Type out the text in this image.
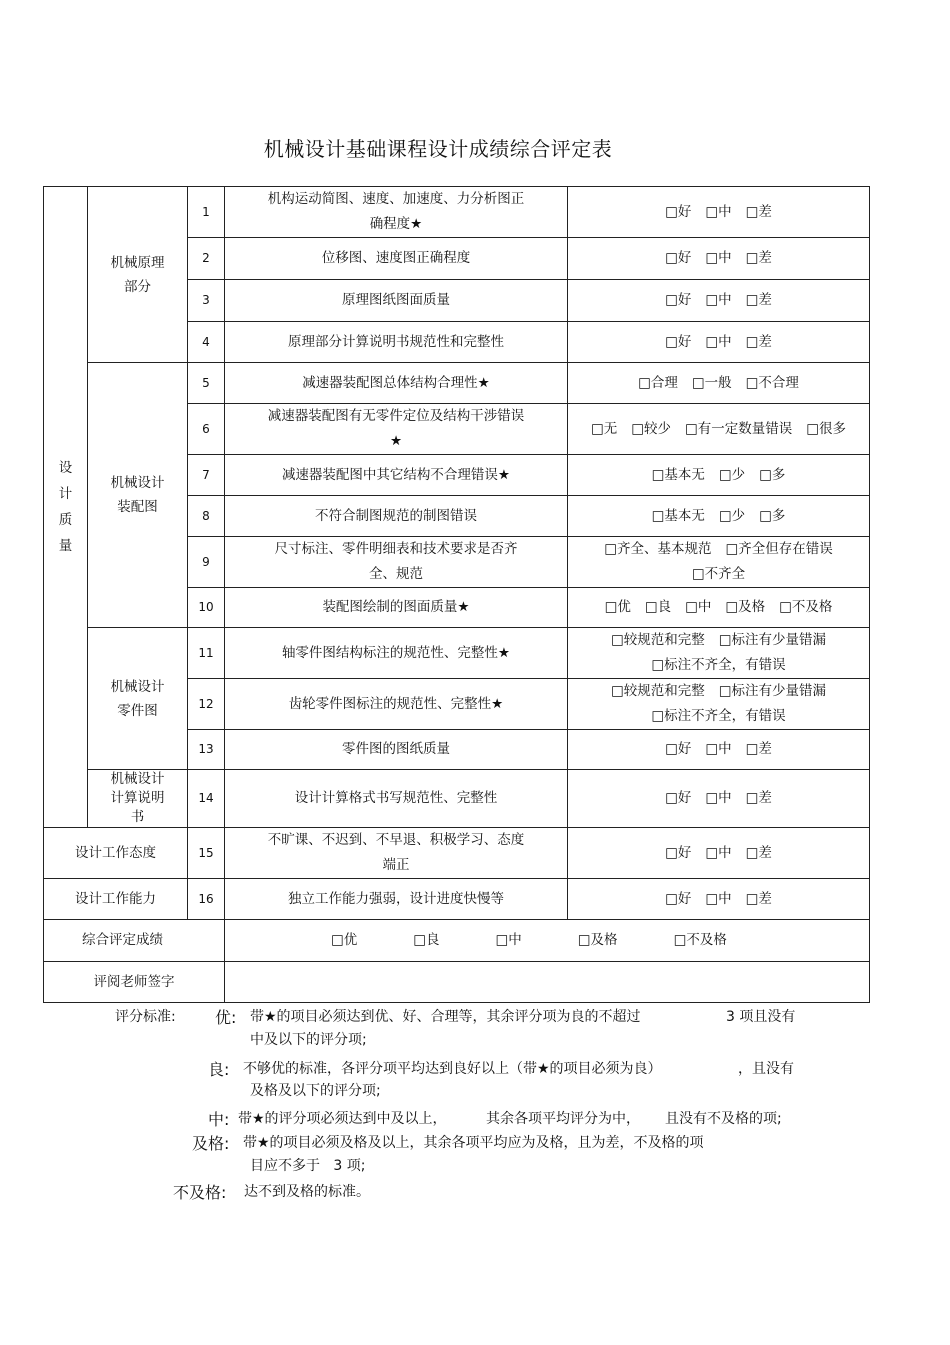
机械设计基础课程设计成绩综合评定表
设
计
质
量	机械原理
部分	1	机构运动简图、速度、加速度、力分析图正确程度★	□好 □中 □差
		2	位移图、速度图正确程度	□好 □中 □差
		3	原理图纸图面质量	□好 □中 □差
		4	原理部分计算说明书规范性和完整性	□好 □中 □差
	机械设计
装配图	5	减速器装配图总体结构合理性★	□合理 □一般 □不合理
		6	减速器装配图有无零件定位及结构干涉错误★	□无 □较少 □有一定数量错误 □很多
		7	减速器装配图中其它结构不合理错误★	□基本无 □少 □多
		8	不符合制图规范的制图错误	□基本无 □少 □多
		9	尺寸标注、零件明细表和技术要求是否齐全、规范	□齐全、基本规范 □齐全但存在错误□不齐全
		10	装配图绘制的图面质量★	□优 □良 □中 □及格 □不及格
	机械设计
零件图	11	轴零件图结构标注的规范性、完整性★	□较规范和完整 □标注有少量错漏□标注不齐全，有错误
		12	齿轮零件图标注的规范性、完整性★	□较规范和完整 □标注有少量错漏□标注不齐全，有错误
		13	零件图的图纸质量	□好 □中 □差
	机械设计
计算说明
书	14	设计计算格式书写规范性、完整性	□好 □中 □差
设计工作态度		15	不旷课、不迟到、不早退、积极学习、态度端正	□好 □中 □差
设计工作能力		16	独立工作能力强弱，设计进度快慢等	□好 □中 □差
综合评定成绩			□优 □良 □中 □及格 □不及格	
评阅老师签字				
评分标准: 优: 带★的项目必须达到优、好、合理等，其余评分项为良的不超过	3 项且没有
中及以下的评分项;
良: 不够优的标准，各评分项平均达到良好以上（带★的项目必须为良）	，且没有
及格及以下的评分项;
中: 带★的评分项必须达到中及以上，	其余各项平均评分为中， 且没有不及格的项;
及格: 带★的项目必须及格及以上，其余各项平均应为及格，且为差，不及格的项
目应不多于 3 项;
不及格: 达不到及格的标准。
